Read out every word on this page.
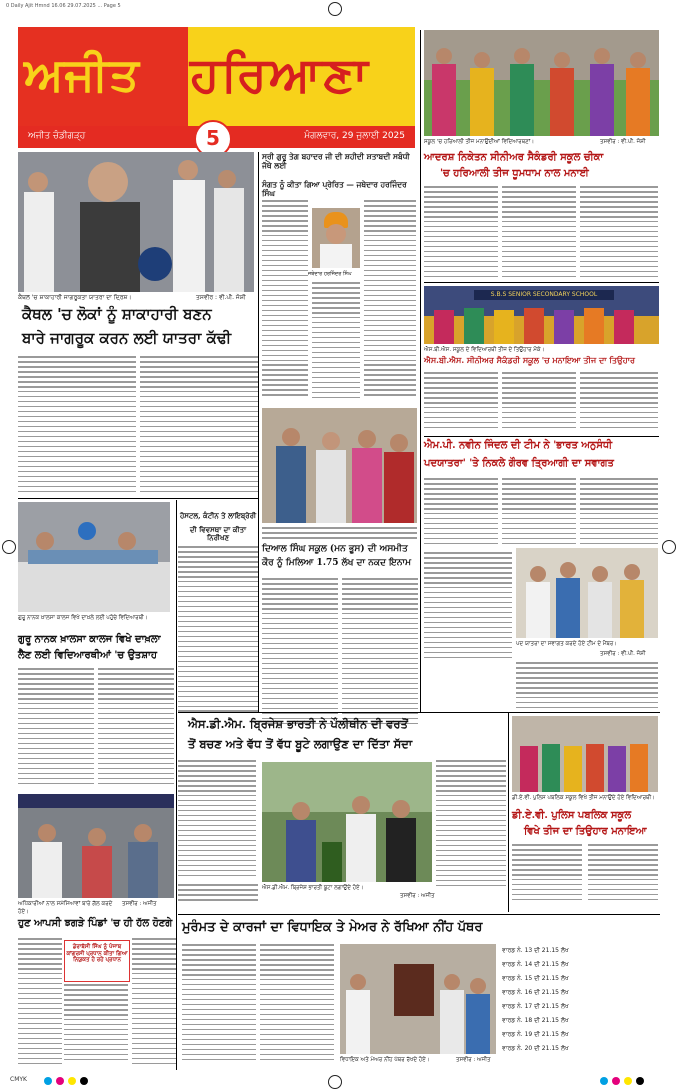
0 Daily Ajit Hmnd 16.06 29.07.2025 ... Page 5
ਅਜੀਤ	ਹਰਿਆਣਾ
ਅਜੀਤ ਚੰਡੀਗੜ੍ਹ	5	ਮੰਗਲਵਾਰ, 29 ਜੁਲਾਈ 2025
ਕੈਥਲ 'ਚ ਸ਼ਾਕਾਹਾਰੀ ਜਾਗਰੂਕਤਾ ਯਾਤਰਾ ਦਾ ਦ੍ਰਿਸ਼।	ਤਸਵੀਰ : ਵੀ.ਪੀ. ਜੋਸ਼ੀ
ਕੈਥਲ 'ਚ ਲੋਕਾਂ ਨੂੰ ਸ਼ਾਕਾਹਾਰੀ ਬਣਨ
ਬਾਰੇ ਜਾਗਰੂਕ ਕਰਨ ਲਈ ਯਾਤਰਾ ਕੱਢੀ
ਸ੍ਰੀ ਗੁਰੂ ਤੇਗ ਬਹਾਦਰ ਜੀ ਦੀ ਸ਼ਹੀਦੀ ਸ਼ਤਾਬਦੀ ਸਬੰਧੀ ਜੱਥੇ ਲਈ
ਸੰਗਤ ਨੂੰ ਕੀਤਾ ਗਿਆ ਪ੍ਰੇਰਿਤ — ਜਥੇਦਾਰ ਹਰਜਿੰਦਰ ਸਿੰਘ
ਜਥੇਦਾਰ ਹਰਜਿੰਦਰ ਸਿੰਘ
ਦਿਆਲ ਸਿੰਘ ਸਕੂਲ (ਮਨ ਭੂਸ) ਦੀ ਅਸਮੀਤ
ਕੌਰ ਨੂੰ ਮਿਲਿਆ 1.75 ਲੱਖ ਦਾ ਨਕਦ ਇਨਾਮ
ਗੁਰੂ ਨਾਨਕ ਖ਼ਾਲਸਾ ਕਾਲਜ ਵਿਖੇ ਦਾਖ਼ਲੇ ਲਈ ਪਹੁੰਚੇ ਵਿਦਿਆਰਥੀ।
ਗੁਰੂ ਨਾਨਕ ਖ਼ਾਲਸਾ ਕਾਲਜ ਵਿਖੇ ਦਾਖ਼ਲਾ
ਲੈਣ ਲਈ ਵਿਦਿਆਰਥੀਆਂ 'ਚ ਉਤਸ਼ਾਹ
ਹੋਸਟਲ, ਕੰਟੀਨ ਤੇ ਲਾਇਬ੍ਰੇਰੀ
ਦੀ ਵਿਵਸਥਾ ਦਾ ਕੀਤਾ ਨਿਰੀਖਣ
ਸਕੂਲ 'ਚ ਹਰਿਆਲੀ ਤੀਜ ਮਨਾਉਂਦੀਆਂ ਵਿਦਿਆਰਥਣਾਂ।	ਤਸਵੀਰ : ਵੀ.ਪੀ. ਜੋਸ਼ੀ
ਆਦਰਸ਼ ਨਿਕੇਤਨ ਸੀਨੀਅਰ ਸੈਕੰਡਰੀ ਸਕੂਲ ਚੀਕਾ
'ਚ ਹਰਿਆਲੀ ਤੀਜ ਧੂਮਧਾਮ ਨਾਲ ਮਨਾਈ
S.B.S SENIOR SECONDARY SCHOOL
ਐਸ.ਬੀ.ਐਸ. ਸਕੂਲ ਦੇ ਵਿਦਿਆਰਥੀ ਤੀਜ ਦੇ ਤਿਉਹਾਰ ਮੌਕੇ।
ਐਸ.ਬੀ.ਐਸ. ਸੀਨੀਅਰ ਸੈਕੰਡਰੀ ਸਕੂਲ 'ਚ ਮਨਾਇਆ ਤੀਜ ਦਾ ਤਿਉਹਾਰ
ਐਮ.ਪੀ. ਨਵੀਨ ਜਿੰਦਲ ਦੀ ਟੀਮ ਨੇ 'ਭਾਰਤ ਅਨੁਸੰਧੀ
ਪਦਯਾਤਰਾ' 'ਤੇ ਨਿਕਲੇ ਗੌਰਵ ਤ੍ਰਿਆਗੀ ਦਾ ਸਵਾਗਤ
ਪਦ ਯਾਤਰਾ ਦਾ ਸਵਾਗਤ ਕਰਦੇ ਹੋਏ ਟੀਮ ਦੇ ਮੈਂਬਰ।
ਤਸਵੀਰ : ਵੀ.ਪੀ. ਜੋਸ਼ੀ
ਐਸ.ਡੀ.ਐਮ. ਬ੍ਰਿਜੇਸ਼ ਭਾਰਤੀ ਨੇ ਪੌਲੀਥੀਨ ਦੀ ਵਰਤੋਂ
ਤੋਂ ਬਚਣ ਅਤੇ ਵੱਧ ਤੋਂ ਵੱਧ ਬੂਟੇ ਲਗਾਉਣ ਦਾ ਦਿੱਤਾ ਸੱਦਾ
ਐਸ.ਡੀ.ਐਮ. ਬ੍ਰਿਜੇਸ਼ ਭਾਰਤੀ ਬੂਟਾ ਲਗਾਉਂਦੇ ਹੋਏ।
ਤਸਵੀਰ : ਅਜੀਤ
ਡੀ.ਏ.ਵੀ. ਪੁਲਿਸ ਪਬਲਿਕ ਸਕੂਲ ਵਿਖੇ ਤੀਜ ਮਨਾਉਂਦੇ ਹੋਏ ਵਿਦਿਆਰਥੀ।
ਡੀ.ਏ.ਵੀ. ਪੁਲਿਸ ਪਬਲਿਕ ਸਕੂਲ
ਵਿਖੇ ਤੀਜ ਦਾ ਤਿਉਹਾਰ ਮਨਾਇਆ
ਅਧਿਕਾਰੀਆਂ ਨਾਲ ਸਮੱਸਿਆਵਾਂ ਬਾਰੇ ਗੱਲ ਕਰਦੇ ਹੋਏ।
ਤਸਵੀਰ : ਅਜੀਤ
ਹੁਣ ਆਪਸੀ ਝਗੜੇ ਪਿੰਡਾਂ 'ਚ ਹੀ ਹੱਲ ਹੋਣਗੇ
ਡੇਰਾਬੱਸੀ ਸਿੰਘ ਨੂੰ ਪੰਜਾਬ
ਕਾਂਗਰਸੀ ਪ੍ਰਧਾਨ ਕੀਤਾ ਗਿਆ
ਨਿਯੁਕਤ ਹੋ ਰਹੇ ਪ੍ਰਧਾਨ
ਮੁਰੰਮਤ ਦੇ ਕਾਰਜਾਂ ਦਾ ਵਿਧਾਇਕ ਤੇ ਮੇਅਰ ਨੇ ਰੱਖਿਆ ਨੀਂਹ ਪੱਥਰ
ਵਿਧਾਇਕ ਅਤੇ ਮੇਅਰ ਨੀਂਹ ਪੱਥਰ ਰੱਖਦੇ ਹੋਏ।	ਤਸਵੀਰ : ਅਜੀਤ
ਵਾਰਡ ਨੰ. 13 ਦੀ 21.15 ਲੱਖ
ਵਾਰਡ ਨੰ. 14 ਦੀ 21.15 ਲੱਖ
ਵਾਰਡ ਨੰ. 15 ਦੀ 21.15 ਲੱਖ
ਵਾਰਡ ਨੰ. 16 ਦੀ 21.15 ਲੱਖ
ਵਾਰਡ ਨੰ. 17 ਦੀ 21.15 ਲੱਖ
ਵਾਰਡ ਨੰ. 18 ਦੀ 21.15 ਲੱਖ
ਵਾਰਡ ਨੰ. 19 ਦੀ 21.15 ਲੱਖ
ਵਾਰਡ ਨੰ. 20 ਦੀ 21.15 ਲੱਖ
CMYK
